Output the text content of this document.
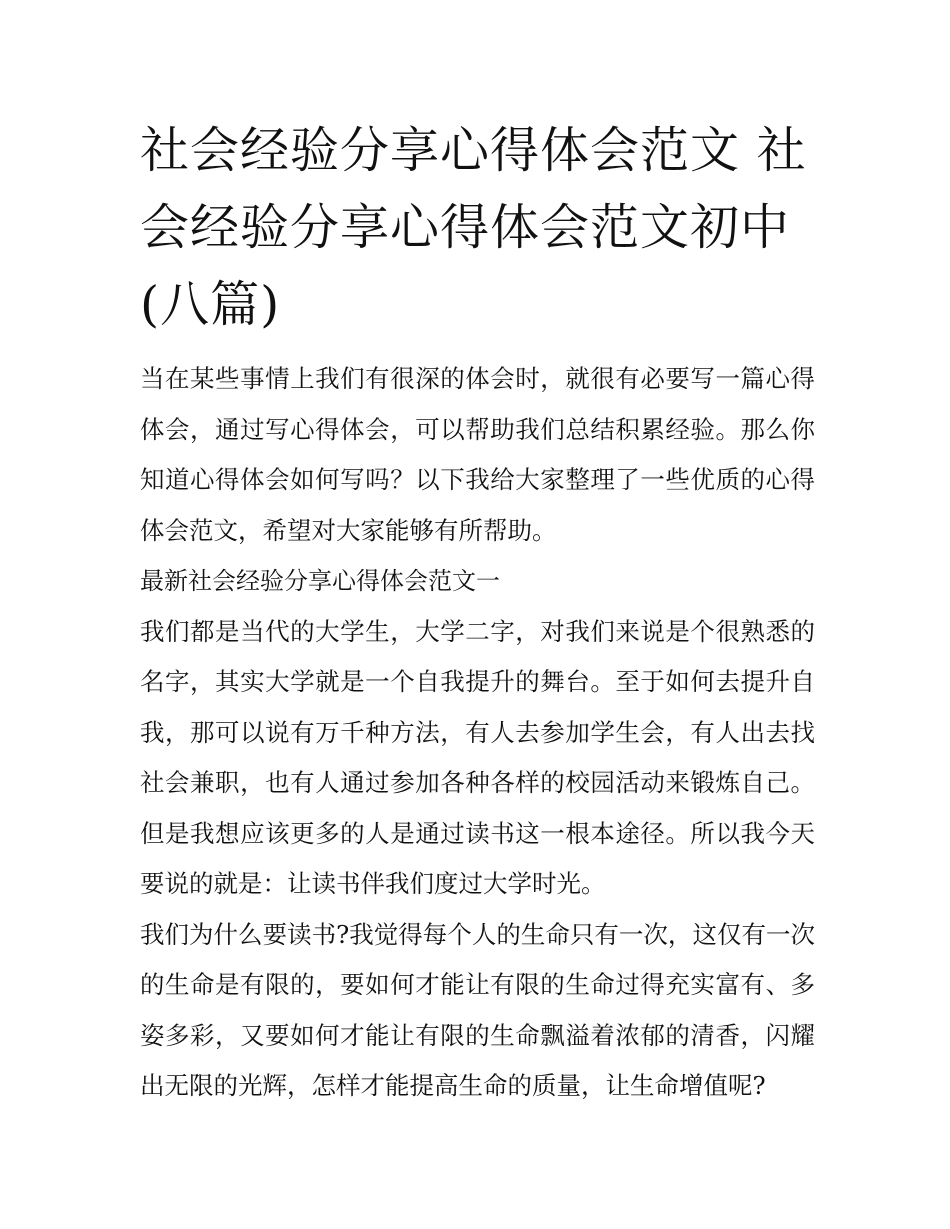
社会经验分享心得体会范文 社会经验分享心得体会范文初中(八篇)

当在某些事情上我们有很深的体会时，就很有必要写一篇心得体会，通过写心得体会，可以帮助我们总结积累经验。那么你知道心得体会如何写吗？以下我给大家整理了一些优质的心得体会范文，希望对大家能够有所帮助。

最新社会经验分享心得体会范文一

我们都是当代的大学生，大学二字，对我们来说是个很熟悉的名字，其实大学就是一个自我提升的舞台。至于如何去提升自我，那可以说有万千种方法，有人去参加学生会，有人出去找社会兼职，也有人通过参加各种各样的校园活动来锻炼自己。但是我想应该更多的人是通过读书这一根本途径。所以我今天要说的就是：让读书伴我们度过大学时光。

我们为什么要读书?我觉得每个人的生命只有一次，这仅有一次的生命是有限的，要如何才能让有限的生命过得充实富有、多姿多彩，又要如何才能让有限的生命飘溢着浓郁的清香，闪耀出无限的光辉，怎样才能提高生命的质量，让生命增值呢?
